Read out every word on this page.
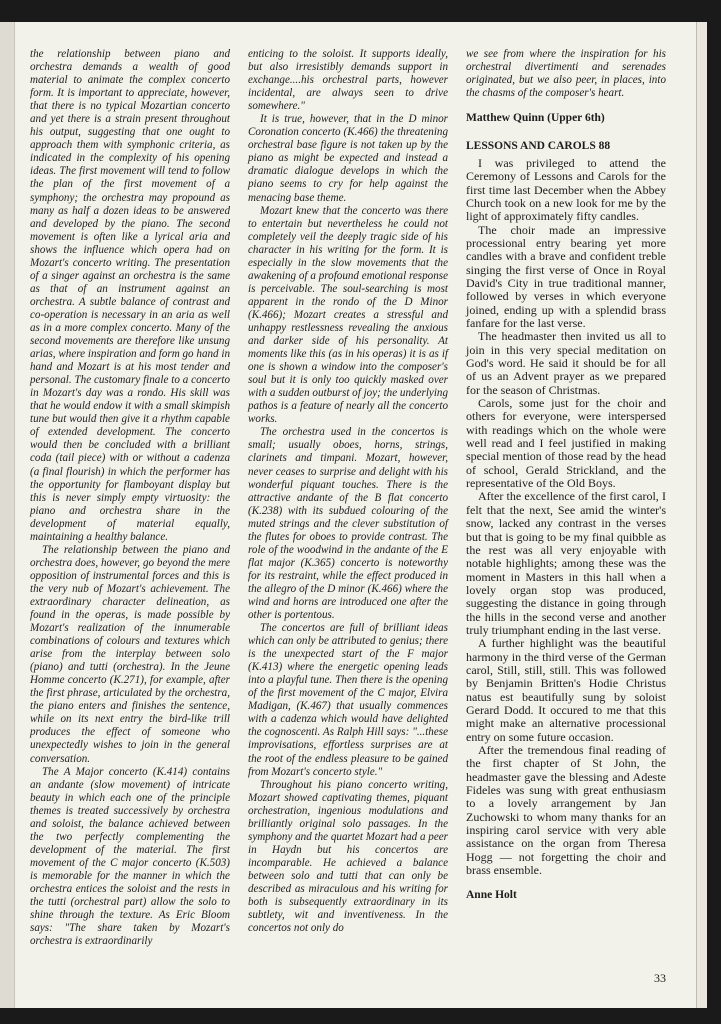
the relationship between piano and orchestra demands a wealth of good material to animate the complex concerto form. It is important to appreciate, however, that there is no typical Mozartian concerto and yet there is a strain present throughout his output, suggesting that one ought to approach them with symphonic criteria, as indicated in the complexity of his opening ideas. The first movement will tend to follow the plan of the first movement of a symphony; the orchestra may propound as many as half a dozen ideas to be answered and developed by the piano. The second movement is often like a lyrical aria and shows the influence which opera had on Mozart's concerto writing. The presentation of a singer against an orchestra is the same as that of an instrument against an orchestra. A subtle balance of contrast and co-operation is necessary in an aria as well as in a more complex concerto. Many of the second movements are therefore like unsung arias, where inspiration and form go hand in hand and Mozart is at his most tender and personal. The customary finale to a concerto in Mozart's day was a rondo. His skill was that he would endow it with a small skimpish tune but would then give it a rhythm capable of extended development. The concerto would then be concluded with a brilliant coda (tail piece) with or without a cadenza (a final flourish) in which the performer has the opportunity for flamboyant display but this is never simply empty virtuosity: the piano and orchestra share in the development of material equally, maintaining a healthy balance.

The relationship between the piano and orchestra does, however, go beyond the mere opposition of instrumental forces and this is the very nub of Mozart's achievement. The extraordinary character delineation, as found in the operas, is made possible by Mozart's realization of the innumerable combinations of colours and textures which arise from the interplay between solo (piano) and tutti (orchestra). In the Jeune Homme concerto (K.271), for example, after the first phrase, articulated by the orchestra, the piano enters and finishes the sentence, while on its next entry the bird-like trill produces the effect of someone who unexpectedly wishes to join in the general conversation.

The A Major concerto (K.414) contains an andante (slow movement) of intricate beauty in which each one of the principle themes is treated successively by orchestra and soloist, the balance achieved between the two perfectly complementing the development of the material. The first movement of the C major concerto (K.503) is memorable for the manner in which the orchestra entices the soloist and the rests in the tutti (orchestral part) allow the solo to shine through the texture. As Eric Bloom says: "The share taken by Mozart's orchestra is extraordinarily

enticing to the soloist. It supports ideally, but also irresistibly demands support in exchange....his orchestral parts, however incidental, are always seen to drive somewhere."

It is true, however, that in the D minor Coronation concerto (K.466) the threatening orchestral base figure is not taken up by the piano as might be expected and instead a dramatic dialogue develops in which the piano seems to cry for help against the menacing base theme.

Mozart knew that the concerto was there to entertain but nevertheless he could not completely veil the deeply tragic side of his character in his writing for the form. It is especially in the slow movements that the awakening of a profound emotional response is perceivable. The soul-searching is most apparent in the rondo of the D Minor (K.466); Mozart creates a stressful and unhappy restlessness revealing the anxious and darker side of his personality. At moments like this (as in his operas) it is as if one is shown a window into the composer's soul but it is only too quickly masked over with a sudden outburst of joy; the underlying pathos is a feature of nearly all the concerto works.

The orchestra used in the concertos is small; usually oboes, horns, strings, clarinets and timpani. Mozart, however, never ceases to surprise and delight with his wonderful piquant touches. There is the attractive andante of the B flat concerto (K.238) with its subdued colouring of the muted strings and the clever substitution of the flutes for oboes to provide contrast. The role of the woodwind in the andante of the E flat major (K.365) concerto is noteworthy for its restraint, while the effect produced in the allegro of the D minor (K.466) where the wind and horns are introduced one after the other is portentous.

The concertos are full of brilliant ideas which can only be attributed to genius; there is the unexpected start of the F major (K.413) where the energetic opening leads into a playful tune. Then there is the opening of the first movement of the C major, Elvira Madigan, (K.467) that usually commences with a cadenza which would have delighted the cognoscenti. As Ralph Hill says: "...these improvisations, effortless surprises are at the root of the endless pleasure to be gained from Mozart's concerto style."

Throughout his piano concerto writing, Mozart showed captivating themes, piquant orchestration, ingenious modulations and brilliantly original solo passages. In the symphony and the quartet Mozart had a peer in Haydn but his concertos are incomparable. He achieved a balance between solo and tutti that can only be described as miraculous and his writing for both is subsequently extraordinary in its subtlety, wit and inventiveness. In the concertos not only do

we see from where the inspiration for his orchestral divertimenti and serenades originated, but we also peer, in places, into the chasms of the composer's heart.

Matthew Quinn (Upper 6th)
LESSONS AND CAROLS 88

I was privileged to attend the Ceremony of Lessons and Carols for the first time last December when the Abbey Church took on a new look for me by the light of approximately fifty candles.

The choir made an impressive processional entry bearing yet more candles with a brave and confident treble singing the first verse of Once in Royal David's City in true traditional manner, followed by verses in which everyone joined, ending up with a splendid brass fanfare for the last verse.

The headmaster then invited us all to join in this very special meditation on God's word. He said it should be for all of us an Advent prayer as we prepared for the season of Christmas.

Carols, some just for the choir and others for everyone, were interspersed with readings which on the whole were well read and I feel justified in making special mention of those read by the head of school, Gerald Strickland, and the representative of the Old Boys.

After the excellence of the first carol, I felt that the next, See amid the winter's snow, lacked any contrast in the verses but that is going to be my final quibble as the rest was all very enjoyable with notable highlights; among these was the moment in Masters in this hall when a lovely organ stop was produced, suggesting the distance in going through the hills in the second verse and another truly triumphant ending in the last verse.

A further highlight was the beautiful harmony in the third verse of the German carol, Still, still, still. This was followed by Benjamin Britten's Hodie Christus natus est beautifully sung by soloist Gerard Dodd. It occured to me that this might make an alternative processional entry on some future occasion.

After the tremendous final reading of the first chapter of St John, the headmaster gave the blessing and Adeste Fideles was sung with great enthusiasm to a lovely arrangement by Jan Zuchowski to whom many thanks for an inspiring carol service with very able assistance on the organ from Theresa Hogg — not forgetting the choir and brass ensemble.

Anne Holt
33
